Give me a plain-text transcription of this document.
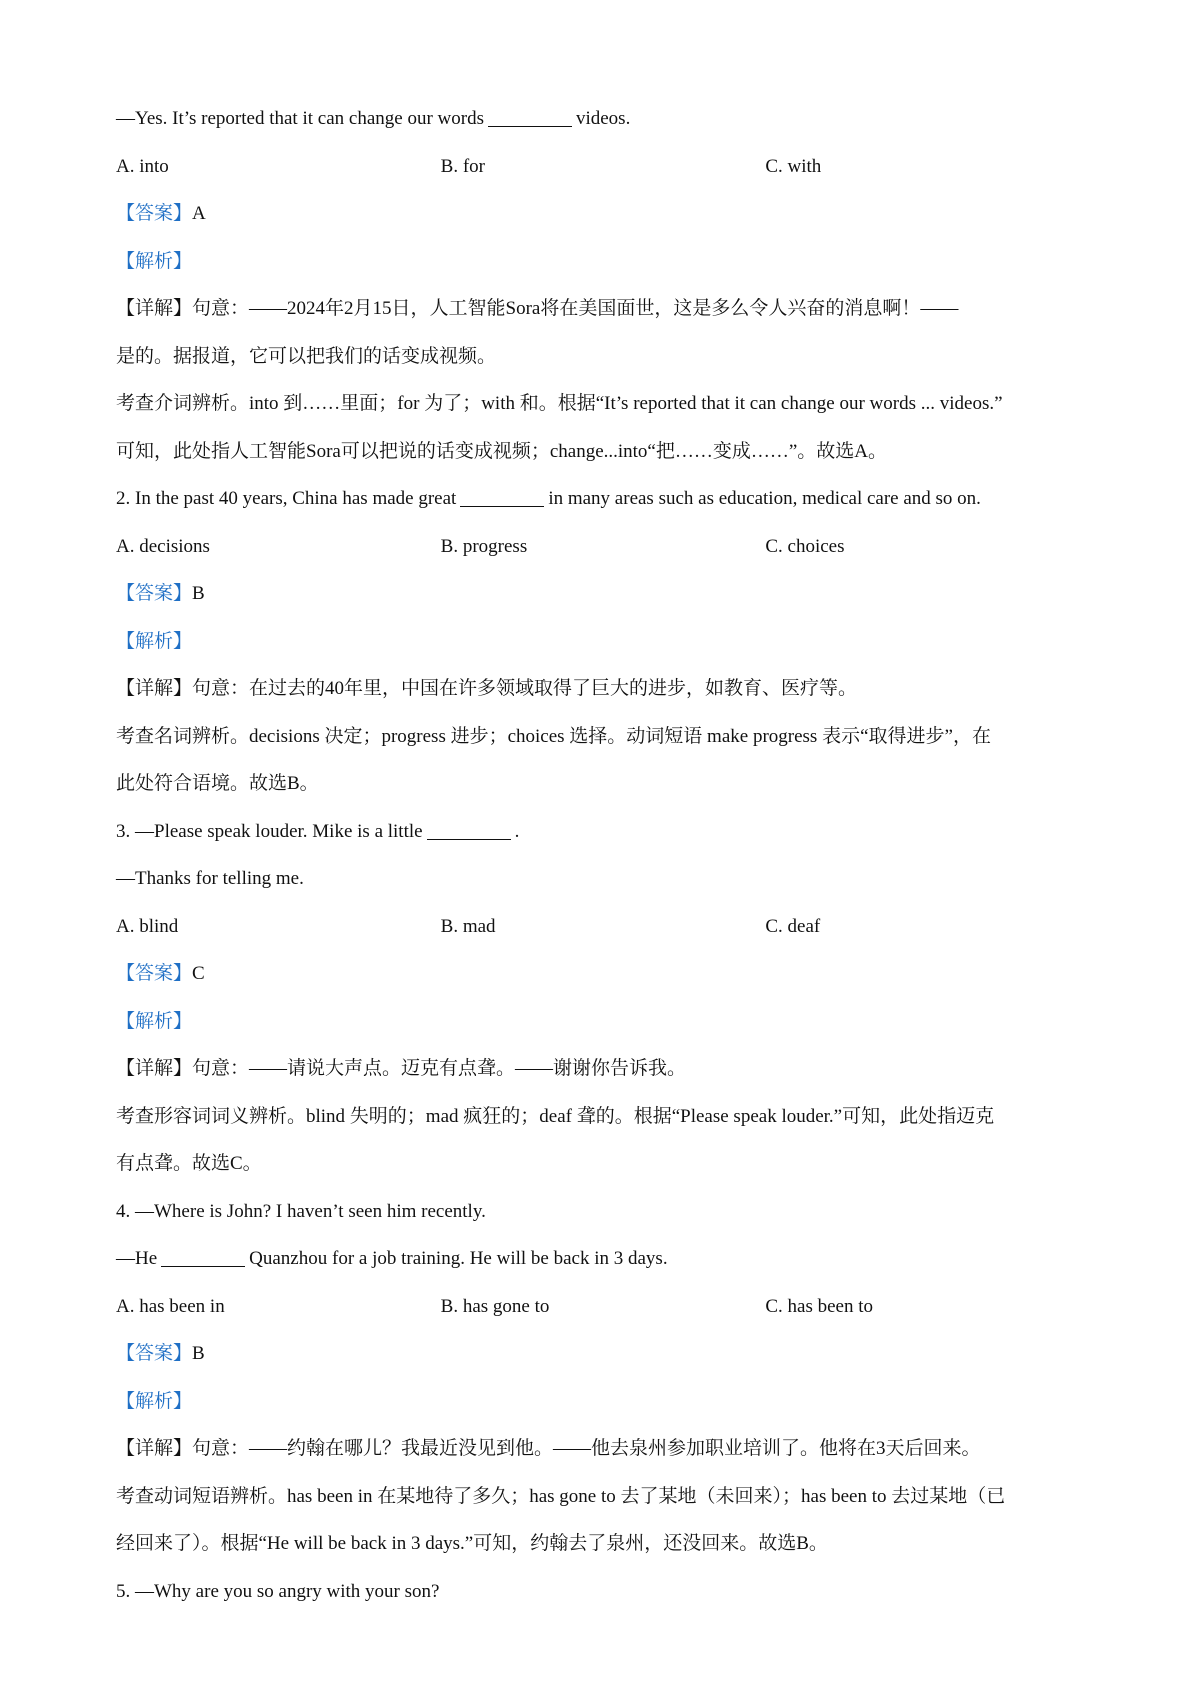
—Yes. It’s reported that it can change our words	videos.
A. into	B. for	C. with
【答案】A
【解析】
【详解】句意：——2024年2月15日，人工智能Sora将在美国面世，这是多么令人兴奋的消息啊！——
是的。据报道，它可以把我们的话变成视频。
考查介词辨析。into 到……里面；for 为了；with 和。根据“It’s reported that it can change our words ... videos.”
可知，此处指人工智能Sora可以把说的话变成视频；change...into“把……变成……”。故选A。
2. In the past 40 years, China has made great	in many areas such as education, medical care and so on.
A. decisions	B. progress	C. choices
【答案】B
【解析】
【详解】句意：在过去的40年里，中国在许多领域取得了巨大的进步，如教育、医疗等。
考查名词辨析。decisions 决定；progress 进步；choices 选择。动词短语 make progress 表示“取得进步”，在
此处符合语境。故选B。
3. —Please speak louder. Mike is a little	.
—Thanks for telling me.
A. blind	B. mad	C. deaf
【答案】C
【解析】
【详解】句意：——请说大声点。迈克有点聋。——谢谢你告诉我。
考查形容词词义辨析。blind 失明的；mad 疯狂的；deaf 聋的。根据“Please speak louder.”可知，此处指迈克
有点聋。故选C。
4. —Where is John? I haven’t seen him recently.
—He	Quanzhou for a job training. He will be back in 3 days.
A. has been in	B. has gone to	C. has been to
【答案】B
【解析】
【详解】句意：——约翰在哪儿？我最近没见到他。——他去泉州参加职业培训了。他将在3天后回来。
考查动词短语辨析。has been in 在某地待了多久；has gone to 去了某地（未回来）；has been to 去过某地（已
经回来了）。根据“He will be back in 3 days.”可知，约翰去了泉州，还没回来。故选B。
5. —Why are you so angry with your son?
